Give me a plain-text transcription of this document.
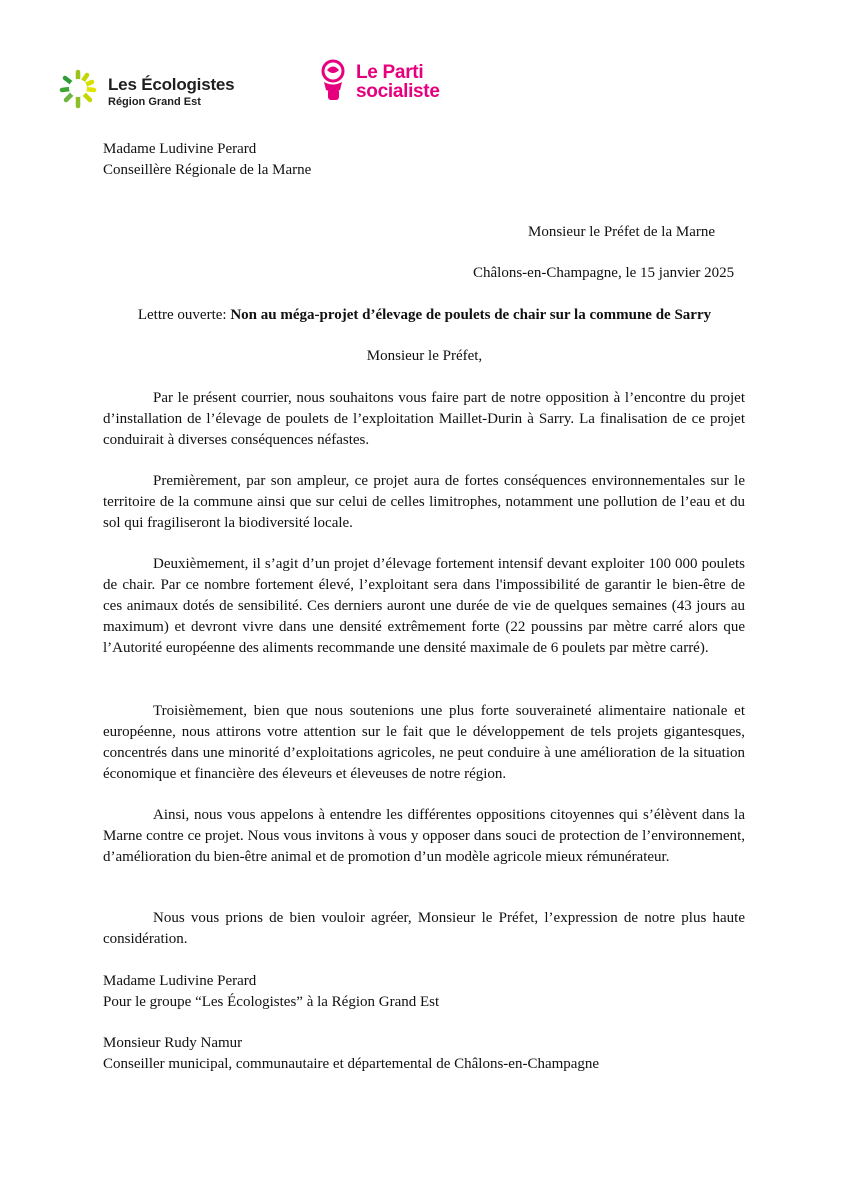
Les Écologistes
Région Grand Est
Le Parti
socialiste
Madame Ludivine Perard
Conseillère Régionale de la Marne
Monsieur le Préfet de la Marne
Châlons-en-Champagne, le 15 janvier 2025
Lettre ouverte: Non au méga-projet d’élevage de poulets de chair sur la commune de Sarry
Monsieur le Préfet,

Par le présent courrier, nous souhaitons vous faire part de notre opposition à l’encontre du projet d’installation de l’élevage de poulets de l’exploitation Maillet-Durin à Sarry. La finalisation de ce projet conduirait à diverses conséquences néfastes.

Premièrement, par son ampleur, ce projet aura de fortes conséquences environnementales sur le territoire de la commune ainsi que sur celui de celles limitrophes, notamment une pollution de l’eau et du sol qui fragiliseront la biodiversité locale.

Deuxièmement, il s’agit d’un projet d’élevage fortement intensif devant exploiter 100 000 poulets de chair. Par ce nombre fortement élevé, l’exploitant sera dans l'impossibilité de garantir le bien-être de ces animaux dotés de sensibilité. Ces derniers auront une durée de vie de quelques semaines (43 jours au maximum) et devront vivre dans une densité extrêmement forte (22 poussins par mètre carré alors que l’Autorité européenne des aliments recommande une densité maximale de 6 poulets par mètre carré).

Troisièmement, bien que nous soutenions une plus forte souveraineté alimentaire nationale et européenne, nous attirons votre attention sur le fait que le développement de tels projets gigantesques, concentrés dans une minorité d’exploitations agricoles, ne peut conduire à une amélioration de la situation économique et financière des éleveurs et éleveuses de notre région.

Ainsi, nous vous appelons à entendre les différentes oppositions citoyennes qui s’élèvent dans la Marne contre ce projet. Nous vous invitons à vous y opposer dans souci de protection de l’environnement, d’amélioration du bien-être animal et de promotion d’un modèle agricole mieux rémunérateur.

Nous vous prions de bien vouloir agréer, Monsieur le Préfet, l’expression de notre plus haute considération.

Madame Ludivine Perard
Pour le groupe “Les Écologistes” à la Région Grand Est
Monsieur Rudy Namur
Conseiller municipal, communautaire et départemental de Châlons-en-Champagne
